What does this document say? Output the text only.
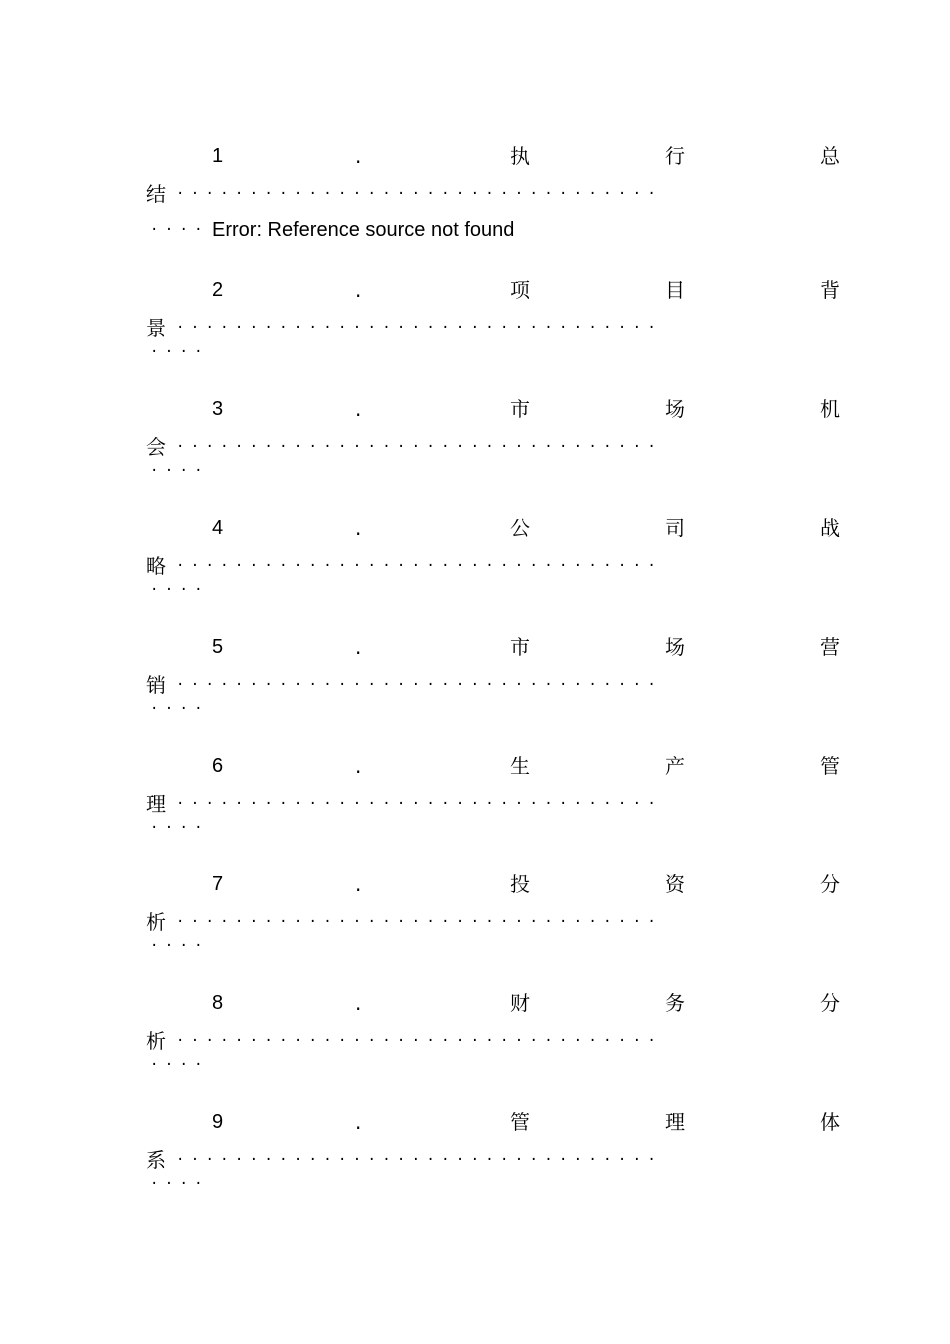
1	.	执	行	总
结 ·································
···· Error: Reference source not found
2	.	项	目	背
景 ·································
····
3	.	市	场	机
会 ·································
····
4	.	公	司	战
略 ·································
····
5	.	市	场	营
销 ·································
····
6	.	生	产	管
理 ·································
····
7	.	投	资	分
析 ·································
····
8	.	财	务	分
析 ·································
····
9	.	管	理	体
系 ·································
····
